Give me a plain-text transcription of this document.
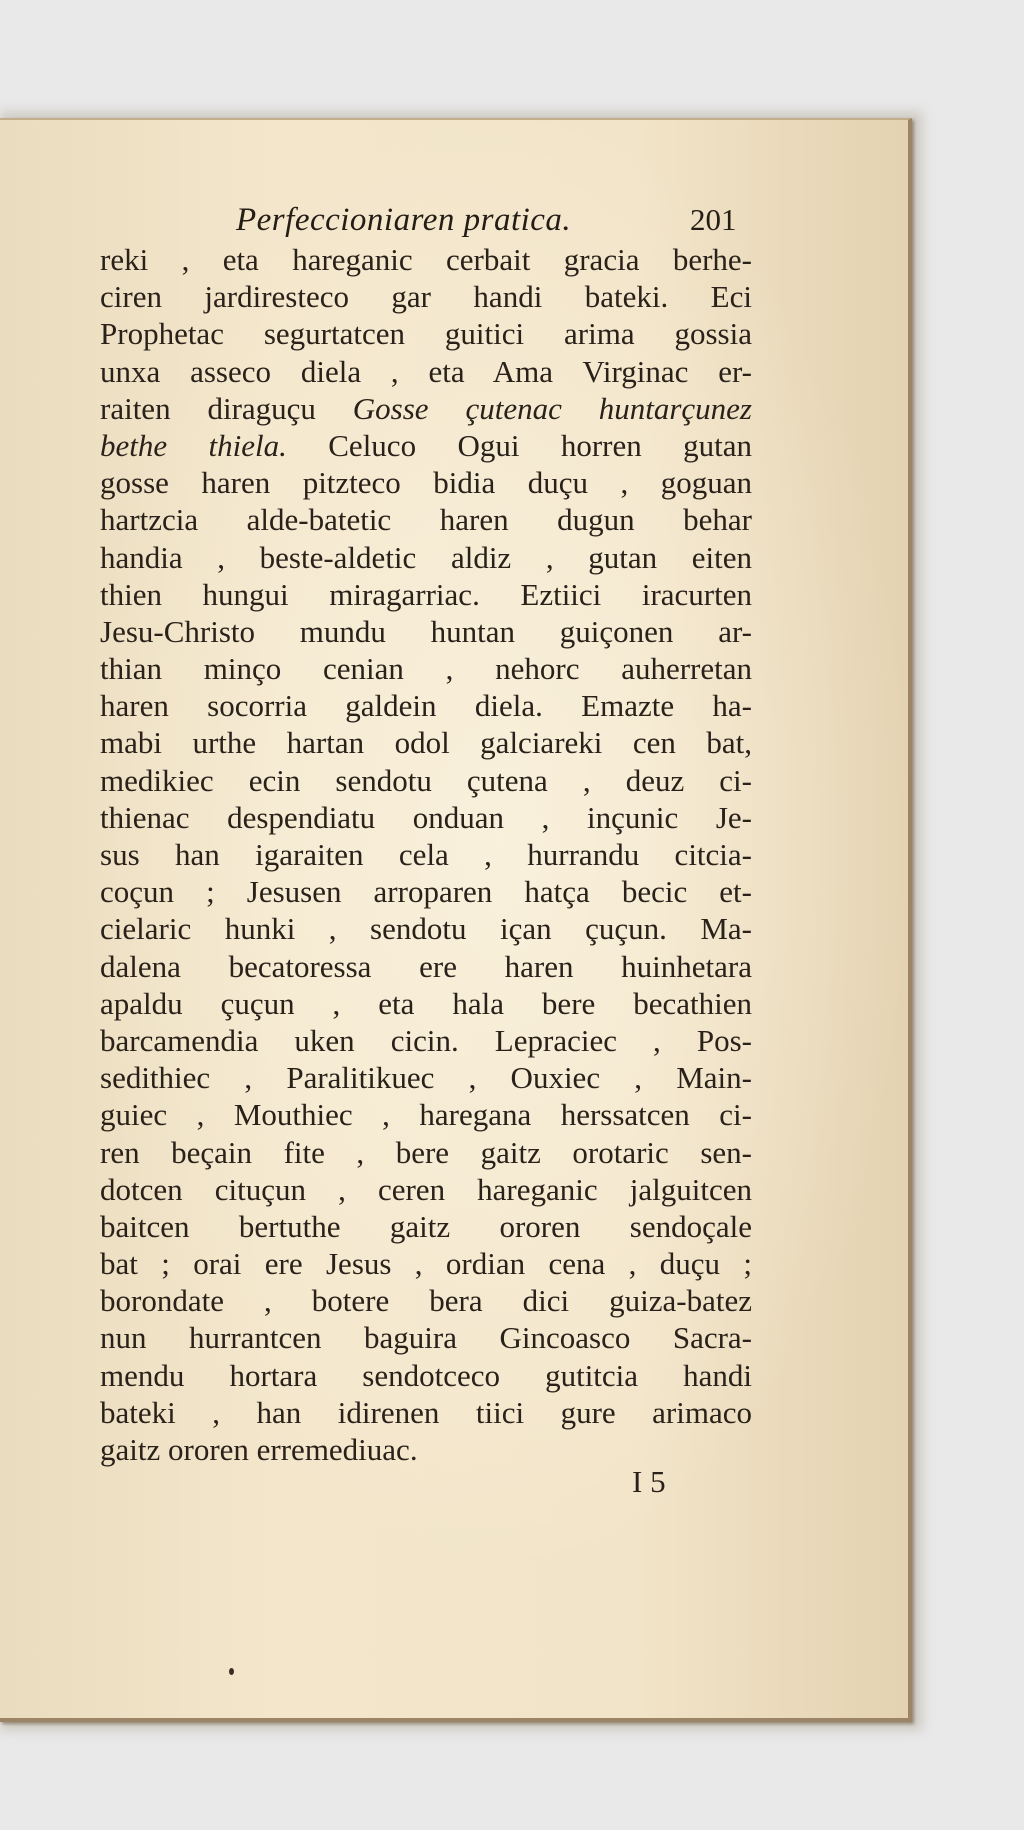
Perfeccioniaren pratica.	201
reki , eta hareganic cerbait gracia berhe-
ciren jardiresteco gar handi bateki. Eci
Prophetac segurtatcen guitici arima gossia
unxa asseco diela , eta Ama Virginac er-
raiten diraguçu Gosse çutenac huntarçunez
bethe thiela. Celuco Ogui horren gutan
gosse haren pitzteco bidia duçu , goguan
hartzcia alde-batetic haren dugun behar
handia , beste-aldetic aldiz , gutan eiten
thien hungui miragarriac. Eztiici iracurten
Jesu-Christo mundu huntan guiçonen ar-
thian minço cenian , nehorc auherretan
haren socorria galdein diela. Emazte ha-
mabi urthe hartan odol galciareki cen bat,
medikiec ecin sendotu çutena , deuz ci-
thienac despendiatu onduan , inçunic Je-
sus han igaraiten cela , hurrandu citcia-
coçun ; Jesusen arroparen hatça becic et-
cielaric hunki , sendotu içan çuçun. Ma-
dalena becatoressa ere haren huinhetara
apaldu çuçun , eta hala bere becathien
barcamendia uken cicin. Lepraciec , Pos-
sedithiec , Paralitikuec , Ouxiec , Main-
guiec , Mouthiec , haregana herssatcen ci-
ren beçain fite , bere gaitz orotaric sen-
dotcen cituçun , ceren hareganic jalguitcen
baitcen bertuthe gaitz ororen sendoçale
bat ; orai ere Jesus , ordian cena , duçu ;
borondate , botere bera dici guiza-batez
nun hurrantcen baguira Gincoasco Sacra-
mendu hortara sendotceco gutitcia handi
bateki , han idirenen tiici gure arimaco
gaitz ororen erremediuac.
I 5
